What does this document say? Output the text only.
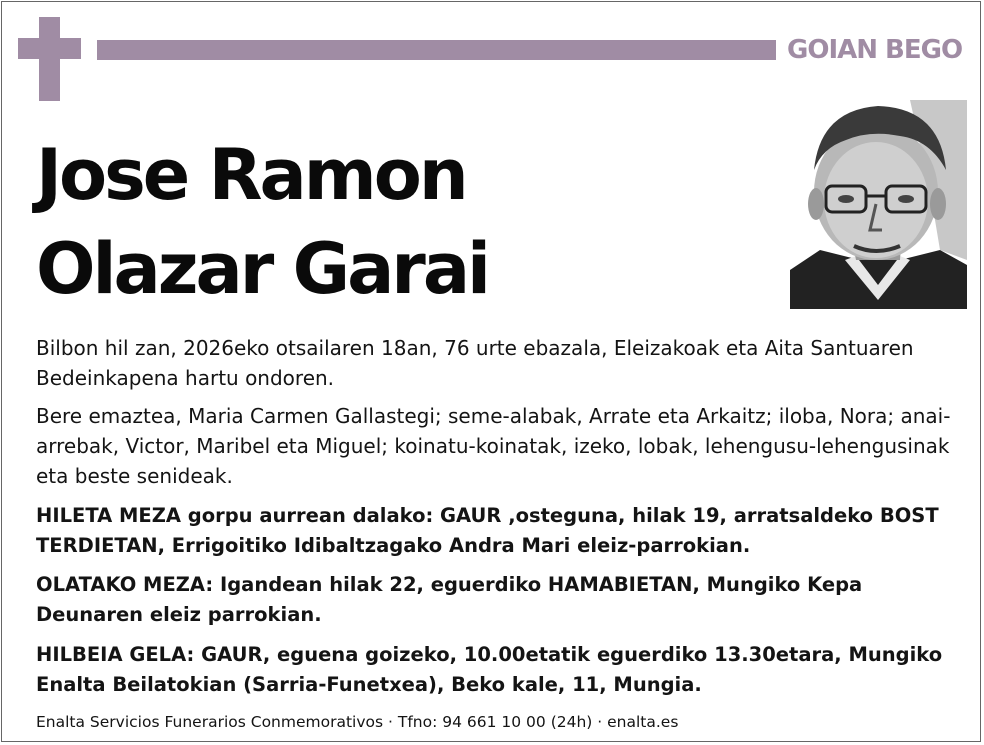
GOIAN BEGO
Jose Ramon
Olazar Garai
Bilbon hil zan, 2026eko otsailaren 18an, 76 urte ebazala, Eleizakoak eta Aita Santuaren Bedeinkapena hartu ondoren.
Bere emaztea, Maria Carmen Gallastegi; seme-alabak, Arrate eta Arkaitz; iloba, Nora; anai-arrebak, Victor, Maribel eta Miguel; koinatu-koinatak, izeko, lobak, lehengusu-lehengusinak eta beste senideak.
HILETA MEZA gorpu aurrean dalako: GAUR ,osteguna, hilak 19, arratsaldeko BOST TERDIETAN, Errigoitiko Idibaltzagako Andra Mari eleiz-parrokian.
OLATAKO MEZA: Igandean hilak 22, eguerdiko HAMABIETAN, Mungiko Kepa Deunaren eleiz parrokian.
HILBEIA GELA: GAUR, eguena goizeko, 10.00etatik eguerdiko 13.30etara, Mungiko Enalta Beilatokian (Sarria-Funetxea), Beko kale, 11, Mungia.
Enalta Servicios Funerarios Conmemorativos · Tfno: 94 661 10 00 (24h) · enalta.es
